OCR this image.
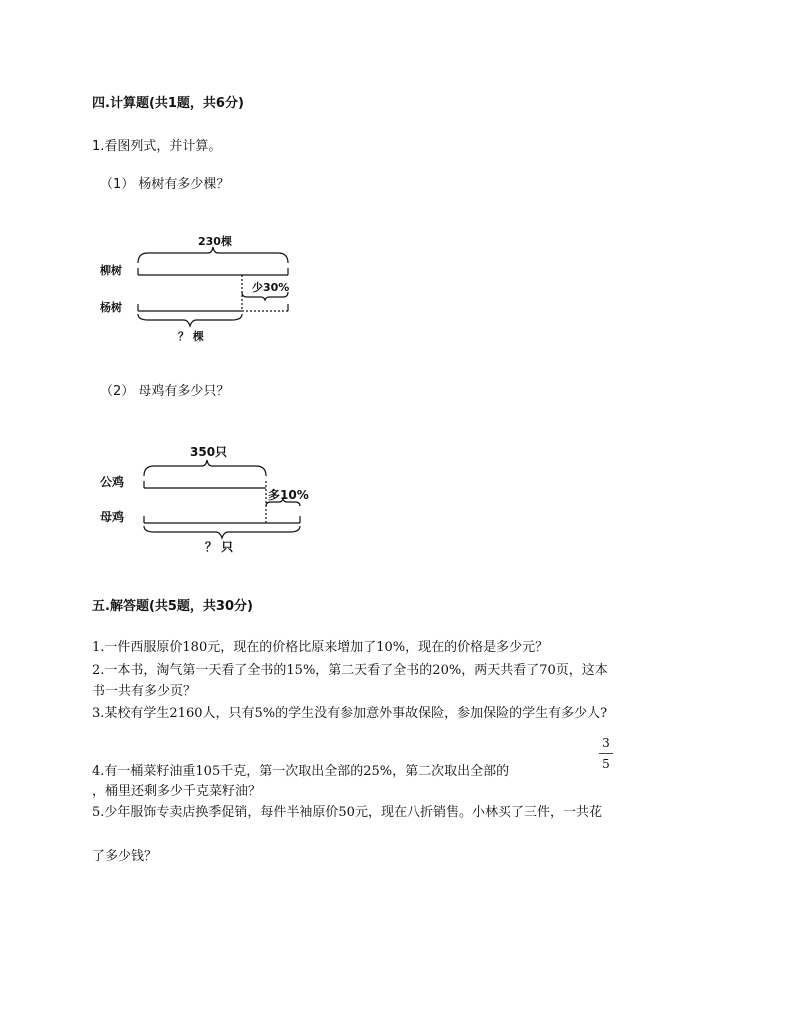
四.计算题(共1题，共6分)
1.看图列式，并计算。
（1） 杨树有多少棵？
230棵
柳树
少30%
杨树
？ 棵
（2） 母鸡有多少只？
350只
公鸡
多10%
母鸡
？ 只
五.解答题(共5题，共30分)
1.一件西服原价180元，现在的价格比原来增加了10%，现在的价格是多少元？
2.一本书，淘气第一天看了全书的15%，第二天看了全书的20%，两天共看了70页，这本
书一共有多少页？
3.某校有学生2160人，只有5%的学生没有参加意外事故保险，参加保险的学生有多少人?
3
5
4.有一桶菜籽油重105千克，第一次取出全部的25%，第二次取出全部的
，桶里还剩多少千克菜籽油？
5.少年服饰专卖店换季促销，每件半袖原价50元，现在八折销售。小林买了三件，一共花
了多少钱？
